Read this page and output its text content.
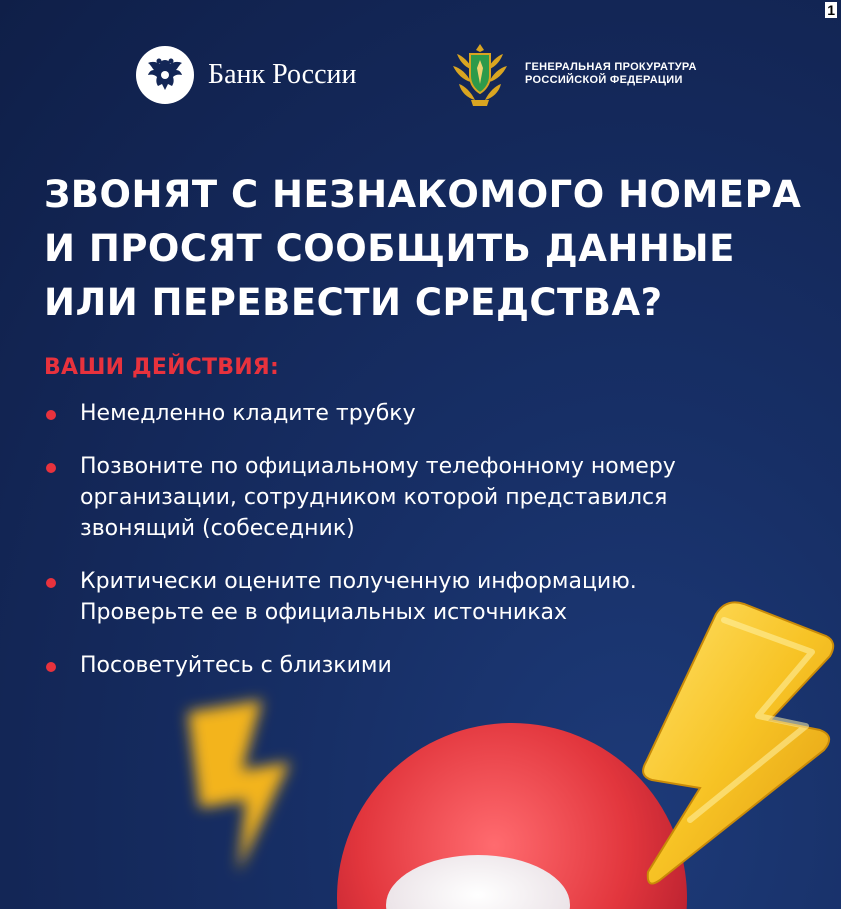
1
Банк России	ГЕНЕРАЛЬНАЯ ПРОКУРАТУРА
РОССИЙСКОЙ ФЕДЕРАЦИИ
ЗВОНЯТ С НЕЗНАКОМОГО НОМЕРА
И ПРОСЯТ СООБЩИТЬ ДАННЫЕ
ИЛИ ПЕРЕВЕСТИ СРЕДСТВА?
ВАШИ ДЕЙСТВИЯ:
Немедленно кладите трубку
Позвоните по официальному телефонному номеру
организации, сотрудником которой представился
звонящий (собеседник)
Критически оцените полученную информацию.
Проверьте ее в официальных источниках
Посоветуйтесь с близкими
